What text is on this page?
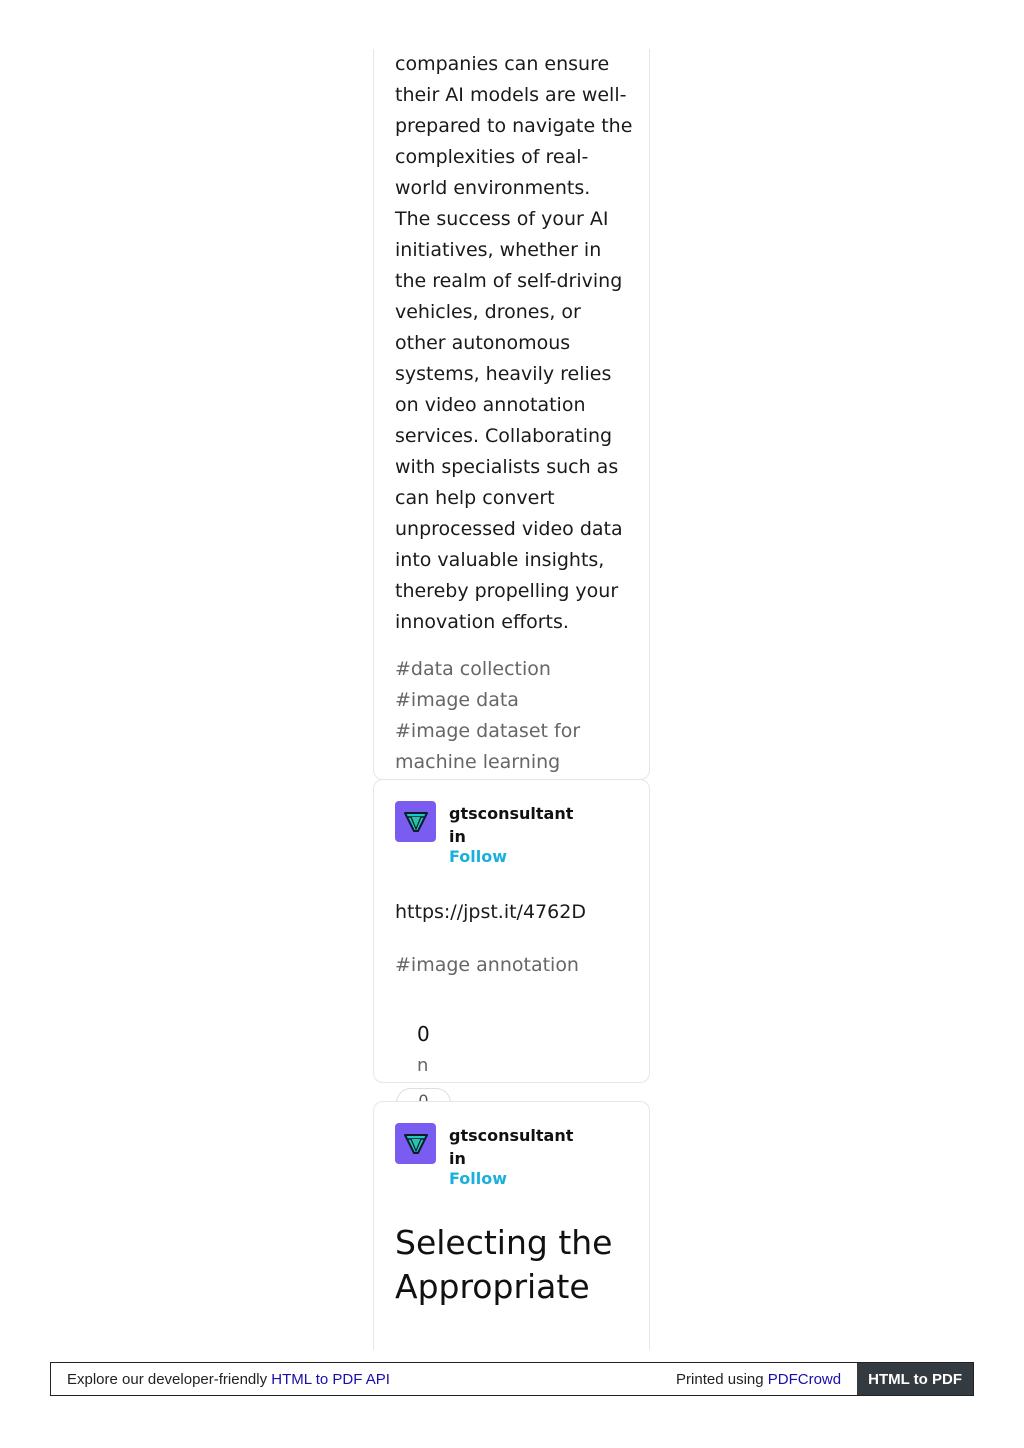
companies can ensure their AI models are well-prepared to navigate the complexities of real-world environments.

The success of your AI initiatives, whether in the realm of self-driving vehicles, drones, or other autonomous systems, heavily relies on video annotation services. Collaborating with specialists such as can help convert unprocessed video data into valuable insights, thereby propelling your innovation efforts.

#data collection
#image data
#image dataset for machine learning
gtsconsultantin
Follow
https://jpst.it/4762D
#image annotation
0
n
gtsconsultantin
Follow
Selecting the Appropriate
Explore our developer-friendly HTML to PDF API	Printed using PDFCrowd	HTML to PDF
